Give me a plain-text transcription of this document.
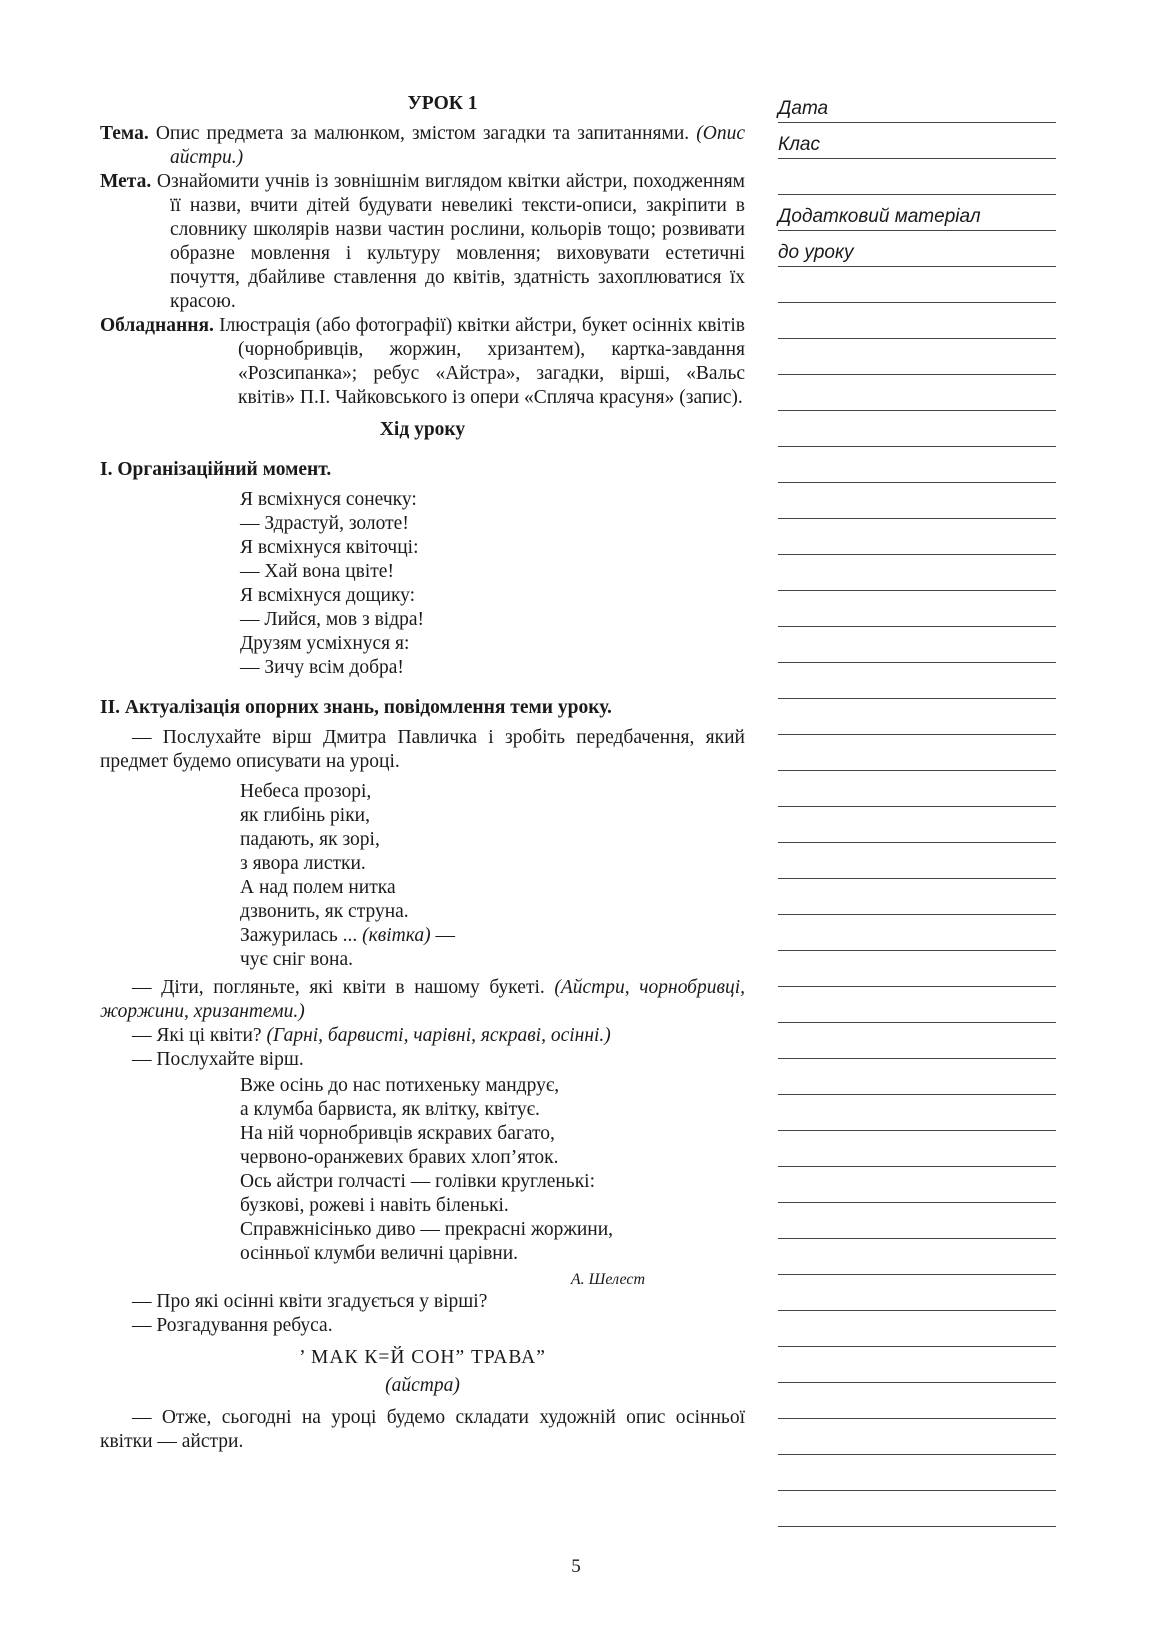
УРОК 1

Тема. Опис предмета за малюнком, змістом загадки та запитаннями. (Опис айстри.)

Мета. Ознайомити учнів із зовнішнім виглядом квітки айстри, походженням її назви, вчити дітей будувати невеликі тексти-описи, закріпити в словнику школярів назви частин рослини, кольорів тощо; розвивати образне мовлення і культуру мовлення; виховувати естетичні почуття, дбайливе ставлення до квітів, здатність захоплюватися їх красою.

Обладнання. Ілюстрація (або фотографії) квітки айстри, букет осінніх квітів (чорнобривців, жоржин, хризантем), картка-завдання «Розсипанка»; ребус «Айстра», загадки, вірші, «Вальс квітів» П.І. Чайковського із опери «Спляча красуня» (запис).

Хід уроку

І. Організаційний момент.
Я всміхнуся сонечку:
— Здрастуй, золоте!
Я всміхнуся квіточці:
— Хай вона цвіте!
Я всміхнуся дощику:
— Лийся, мов з відра!
Друзям усміхнуся я:
— Зичу всім добра!
ІІ. Актуалізація опорних знань, повідомлення теми уроку.

— Послухайте вірш Дмитра Павличка і зробіть передбачення, який предмет будемо описувати на уроці.

Небеса прозорі,
як глибінь ріки,
падають, як зорі,
з явора листки.
А над полем нитка
дзвонить, як струна.
Зажурилась ... (квітка) —
чує сніг вона.

— Діти, погляньте, які квіти в нашому букеті. (Айстри, чорнобривці, жоржини, хризантеми.)

— Які ці квіти? (Гарні, барвисті, чарівні, яскраві, осінні.)

— Послухайте вірш.

Вже осінь до нас потихеньку мандрує,
а клумба барвиста, як влітку, квітує.
На ній чорнобривців яскравих багато,
червоно-оранжевих бравих хлоп’яток.
Ось айстри голчасті — голівки кругленькі:
бузкові, рожеві і навіть біленькі.
Справжнісінько диво — прекрасні жоржини,
осінньої клумби величні царівни.

А. Шелест

— Про які осінні квіти згадується у вірші?

— Розгадування ребуса.

’ МАК К=Й СОН” ТРАВА”

(айстра)

— Отже, сьогодні на уроці будемо складати художній опис осінньої квітки — айстри.

Дата
Клас
Додатковий матеріал
до уроку
5
